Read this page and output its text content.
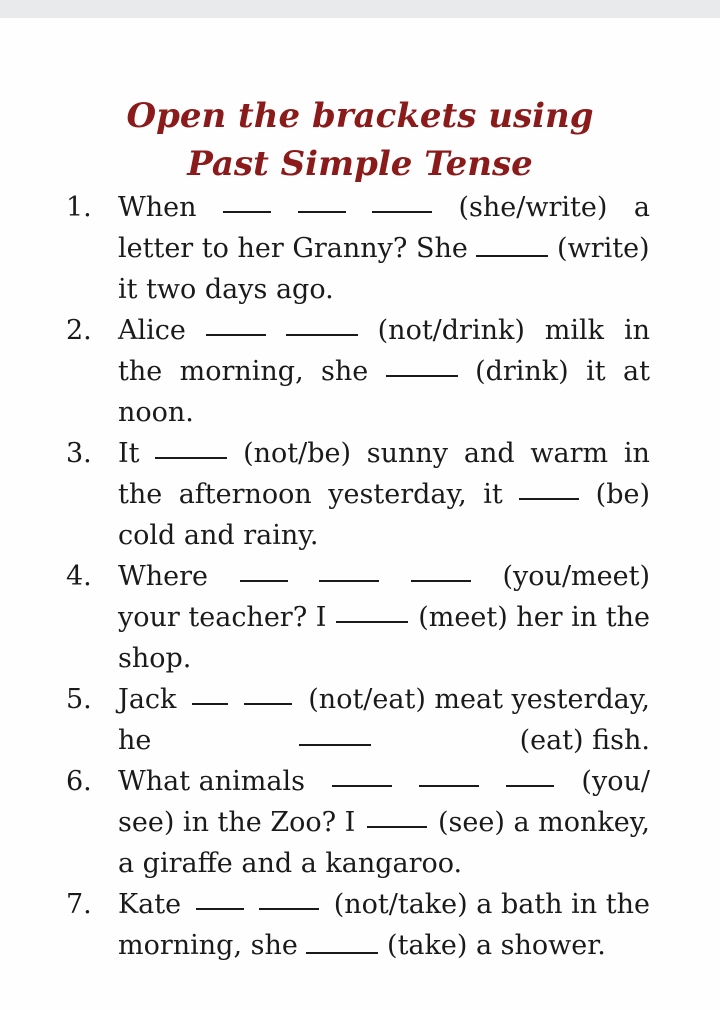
Open the brackets using
Past Simple Tense
1. When	(she/write) a
letter to her Granny? She	(write)
it two days ago.
2. Alice	(not/drink) milk in
the morning, she	(drink) it at
noon.
3. It	(not/be) sunny and warm in
the afternoon yesterday, it	(be)
cold and rainy.
4. Where	(you/meet)
your teacher? I	(meet) her in the
shop.
5. Jack	(not/eat) meat yesterday,
he	(eat) fish.
6. What animals	(you/
see) in the Zoo? I	(see) a monkey,
a giraffe and a kangaroo.
7. Kate	(not/take) a bath in the
morning, she	(take) a shower.
